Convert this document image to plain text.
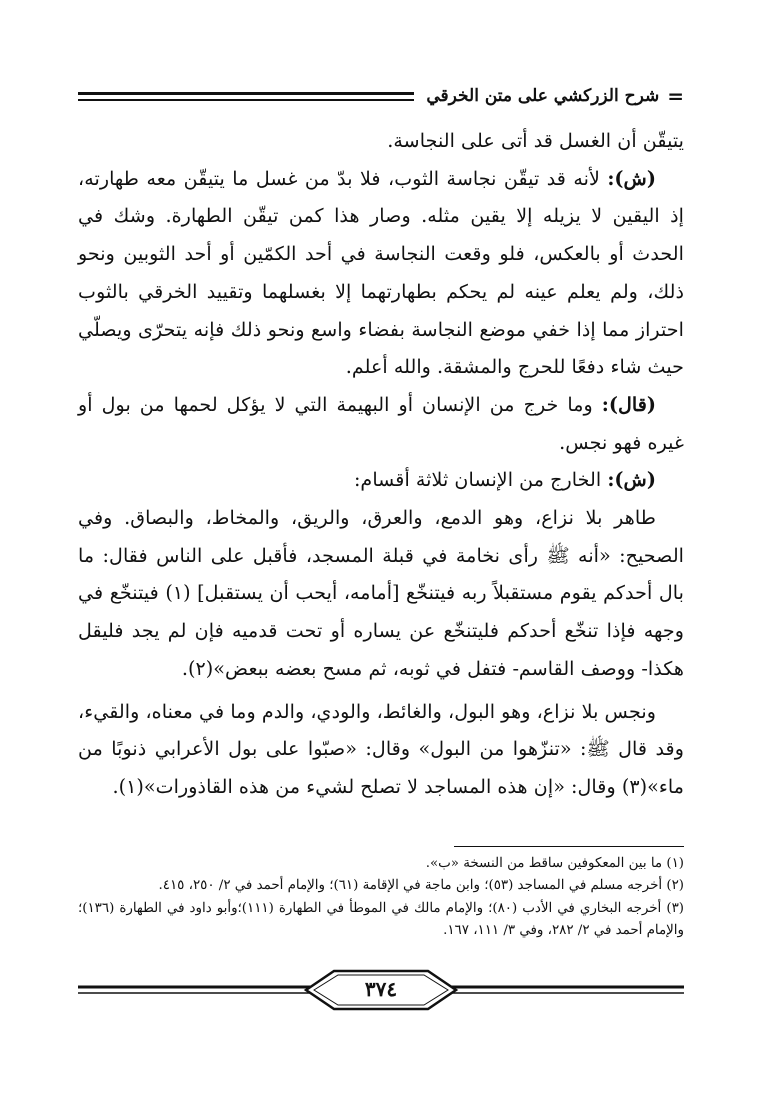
=
شرح الزركشي على متن الخرقي

يتيقّن أن الغسل قد أتى على النجاسة.

(ش): لأنه قد تيقّن نجاسة الثوب، فلا بدّ من غسل ما يتيقّن معه طهارته، إذ اليقين لا يزيله إلا يقين مثله. وصار هذا كمن تيقّن الطهارة. وشك في الحدث أو بالعكس، فلو وقعت النجاسة في أحد الكمّين أو أحد الثوبين ونحو ذلك، ولم يعلم عينه لم يحكم بطهارتهما إلا بغسلهما وتقييد الخرقي بالثوب احتراز مما إذا خفي موضع النجاسة بفضاء واسع ونحو ذلك فإنه يتحرّى ويصلّي حيث شاء دفعًا للحرج والمشقة. والله أعلم.

(قال): وما خرج من الإنسان أو البهيمة التي لا يؤكل لحمها من بول أو غيره فهو نجس.

(ش): الخارج من الإنسان ثلاثة أقسام:

طاهر بلا نزاع، وهو الدمع، والعرق، والريق، والمخاط، والبصاق. وفي الصحيح: «أنه ﷺ رأى نخامة في قبلة المسجد، فأقبل على الناس فقال: ما بال أحدكم يقوم مستقبلاً ربه فيتنخّع [أمامه، أيحب أن يستقبل] (١) فيتنخّع في وجهه فإذا تنخّع أحدكم فليتنخّع عن يساره أو تحت قدميه فإن لم يجد فليقل هكذا- ووصف القاسم- فتفل في ثوبه، ثم مسح بعضه ببعض»(٢).

ونجس بلا نزاع، وهو البول، والغائط، والودي، والدم وما في معناه، والقيء، وقد قال ﷺ: «تنزّهوا من البول» وقال: «صبّوا على بول الأعرابي ذنوبًا من ماء»(٣) وقال: «إن هذه المساجد لا تصلح لشيء من هذه القاذورات»(١).

(١) ما بين المعكوفين ساقط من النسخة «ب».

(٢) أخرجه مسلم في المساجد (٥٣)؛ وابن ماجة في الإقامة (٦١)؛ والإمام أحمد في ٢/ ٢٥٠، ٤١٥.

(٣) أخرجه البخاري في الأدب (٨٠)؛ والإمام مالك في الموطأ في الطهارة (١١١)؛وأبو داود في الطهارة (١٣٦)؛ والإمام أحمد في ٢/ ٢٨٢، وفي ٣/ ١١١، ١٦٧.

٣٧٤
